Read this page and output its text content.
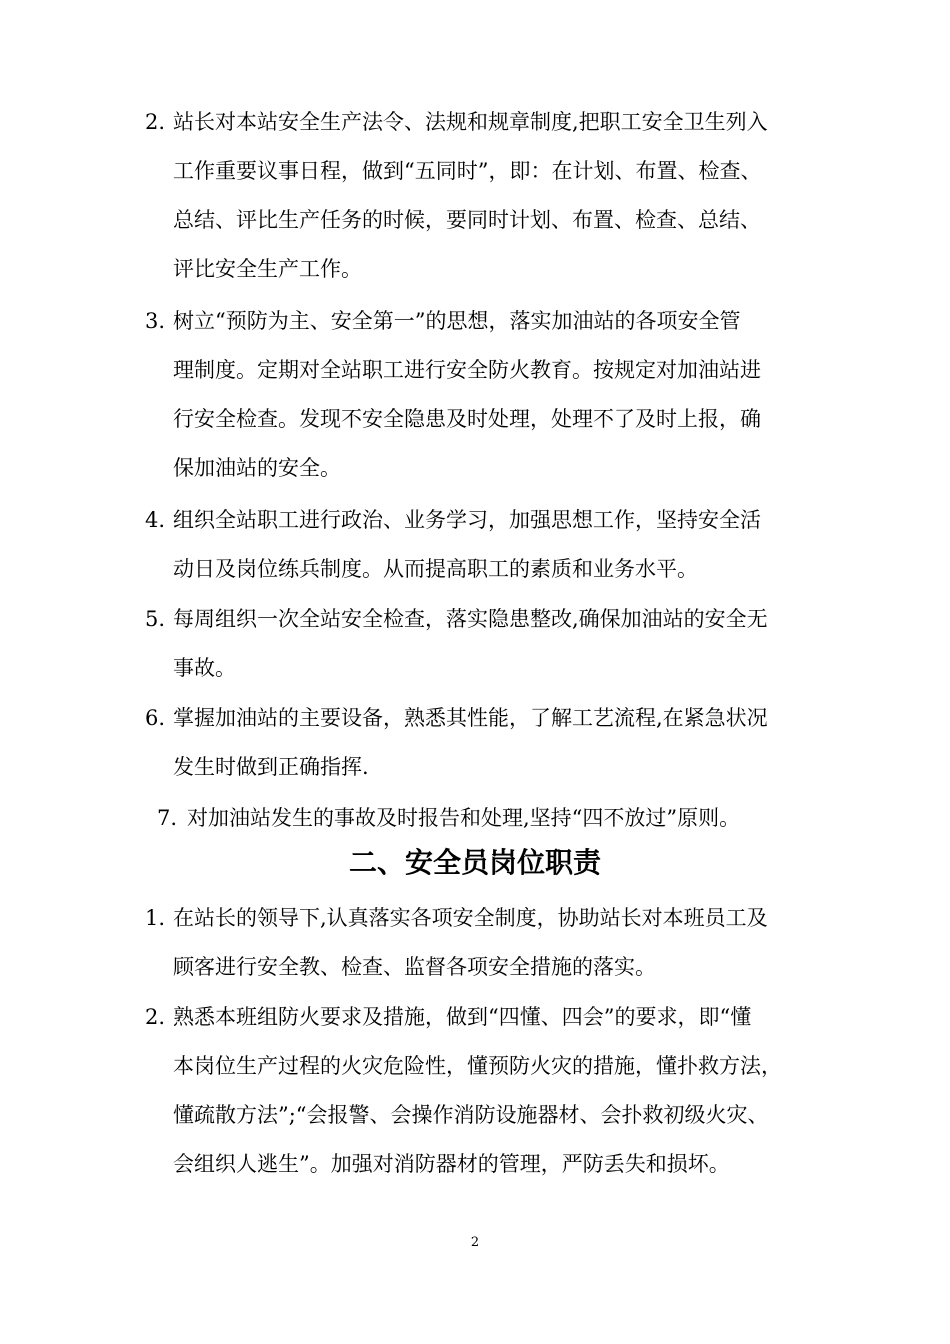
2. 站长对本站安全生产法令、法规和规章制度,把职工安全卫生列入
工作重要议事日程，做到“五同时”，即：在计划、布置、检查、
总结、评比生产任务的时候，要同时计划、布置、检查、总结、
评比安全生产工作。
3. 树立“预防为主、安全第一”的思想，落实加油站的各项安全管
理制度。定期对全站职工进行安全防火教育。按规定对加油站进
行安全检查。发现不安全隐患及时处理，处理不了及时上报，确
保加油站的安全。
4. 组织全站职工进行政治、业务学习，加强思想工作，坚持安全活
动日及岗位练兵制度。从而提高职工的素质和业务水平。
5. 每周组织一次全站安全检查，落实隐患整改,确保加油站的安全无
事故。
6. 掌握加油站的主要设备，熟悉其性能，了解工艺流程,在紧急状况
发生时做到正确指挥.
7. 对加油站发生的事故及时报告和处理,坚持“四不放过”原则。
二、安全员岗位职责
1. 在站长的领导下,认真落实各项安全制度，协助站长对本班员工及
顾客进行安全教、检查、监督各项安全措施的落实。
2. 熟悉本班组防火要求及措施，做到“四懂、四会”的要求，即“懂
本岗位生产过程的火灾危险性，懂预防火灾的措施，懂扑救方法，
懂疏散方法”;“会报警、会操作消防设施器材、会扑救初级火灾、
会组织人逃生”。加强对消防器材的管理，严防丢失和损坏。
2
